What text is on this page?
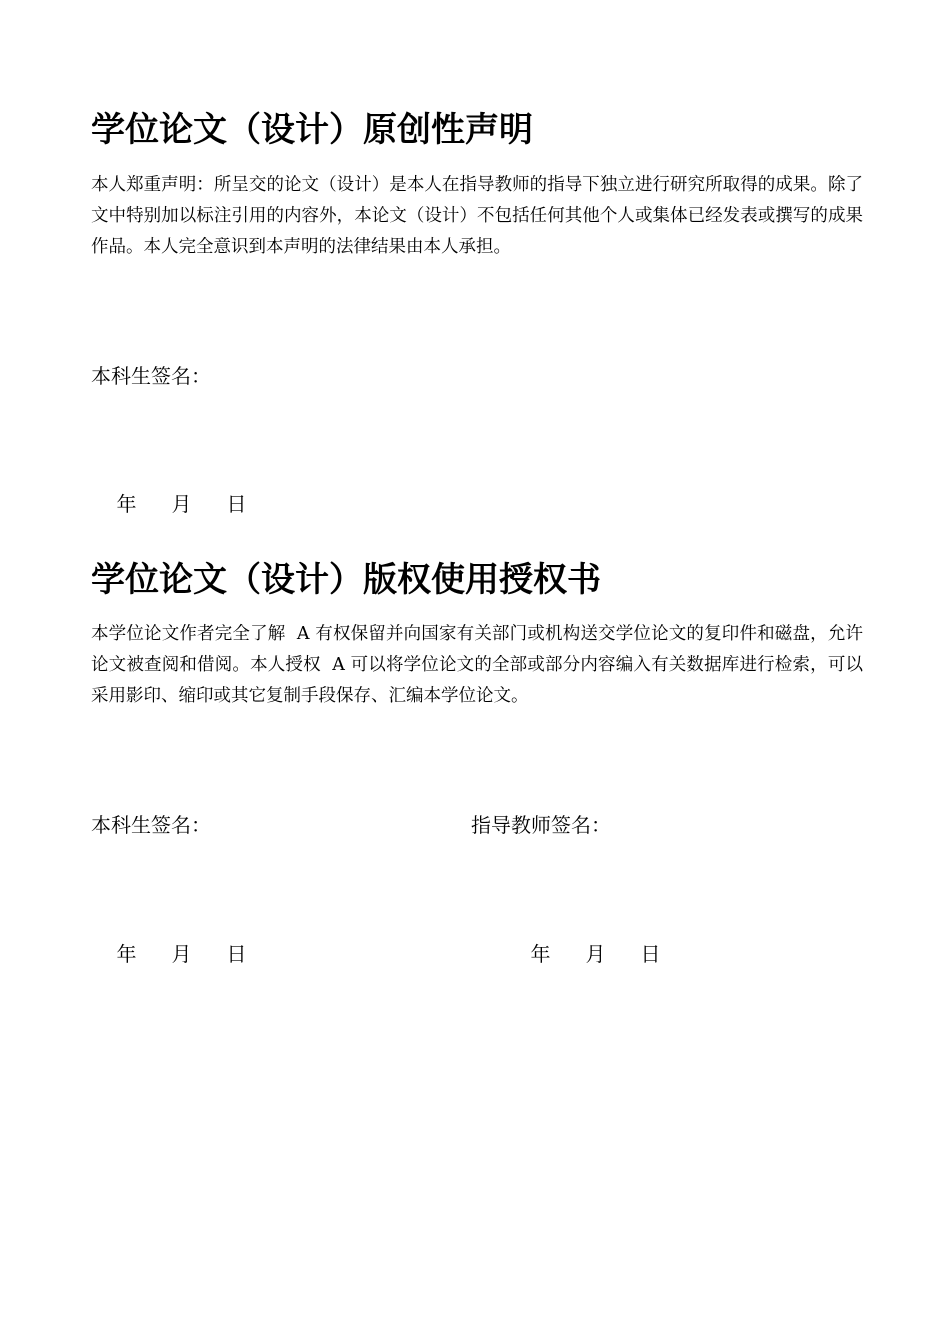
学位论文（设计）原创性声明

本人郑重声明：所呈交的论文（设计）是本人在指导教师的指导下独立进行研究所取得的成果。除了文中特别加以标注引用的内容外，本论文（设计）不包括任何其他个人或集体已经发表或撰写的成果作品。本人完全意识到本声明的法律结果由本人承担。

本科生签名：

年 月 日

学位论文（设计）版权使用授权书

本学位论文作者完全了解  A 有权保留并向国家有关部门或机构送交学位论文的复印件和磁盘，允许论文被查阅和借阅。本人授权  A 可以将学位论文的全部或部分内容编入有关数据库进行检索，可以采用影印、缩印或其它复制手段保存、汇编本学位论文。

本科生签名：	指导教师签名：

年 月 日
	年 月 日
